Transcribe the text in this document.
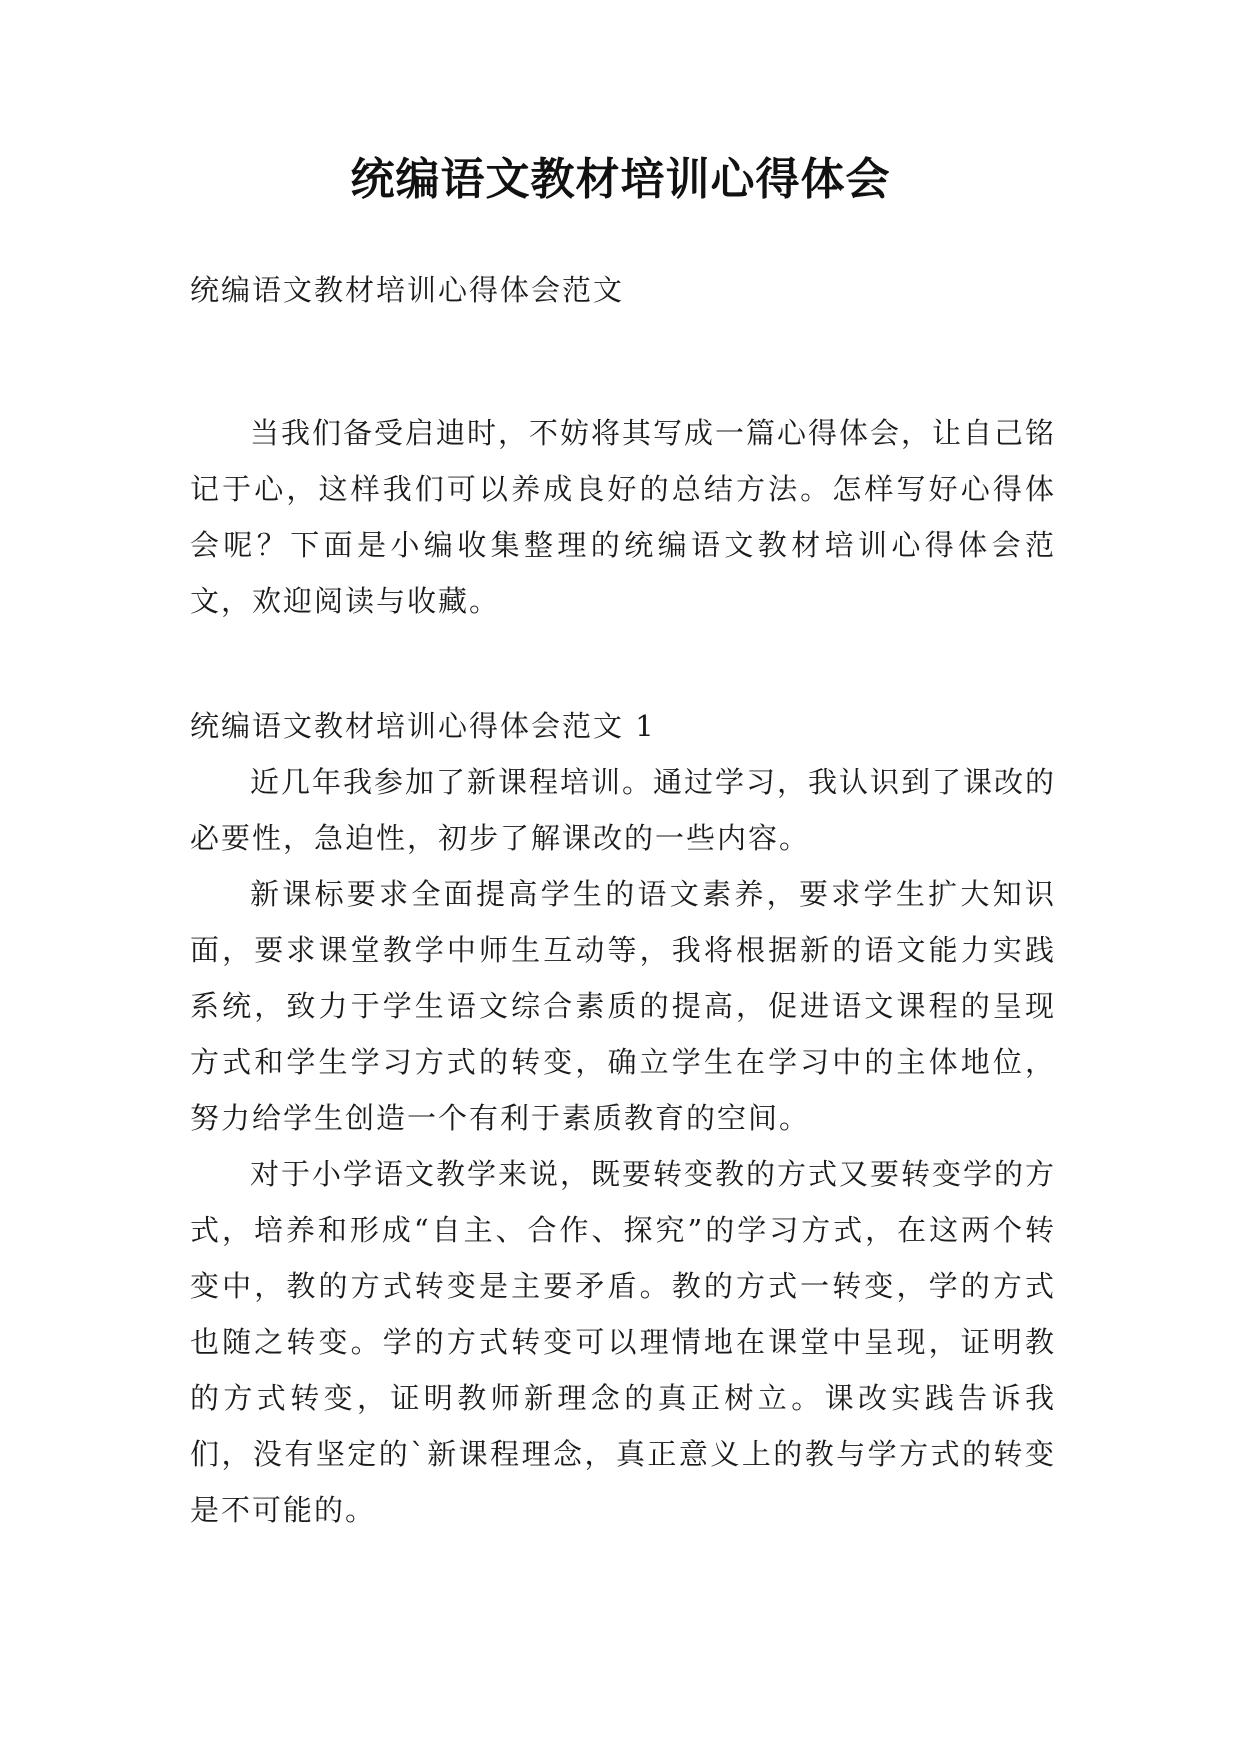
统编语文教材培训心得体会
统编语文教材培训心得体会范文

当我们备受启迪时，不妨将其写成一篇心得体会，让自己铭记于心，这样我们可以养成良好的总结方法。怎样写好心得体会呢？下面是小编收集整理的统编语文教材培训心得体会范文，欢迎阅读与收藏。

统编语文教材培训心得体会范文 1

近几年我参加了新课程培训。通过学习，我认识到了课改的必要性，急迫性，初步了解课改的一些内容。

新课标要求全面提高学生的语文素养，要求学生扩大知识面，要求课堂教学中师生互动等，我将根据新的语文能力实践系统，致力于学生语文综合素质的提高，促进语文课程的呈现方式和学生学习方式的转变，确立学生在学习中的主体地位，努力给学生创造一个有利于素质教育的空间。

对于小学语文教学来说，既要转变教的方式又要转变学的方式，培养和形成“自主、合作、探究”的学习方式，在这两个转变中，教的方式转变是主要矛盾。教的方式一转变，学的方式也随之转变。学的方式转变可以理情地在课堂中呈现，证明教的方式转变，证明教师新理念的真正树立。课改实践告诉我们，没有坚定的`新课程理念，真正意义上的教与学方式的转变是不可能的。
